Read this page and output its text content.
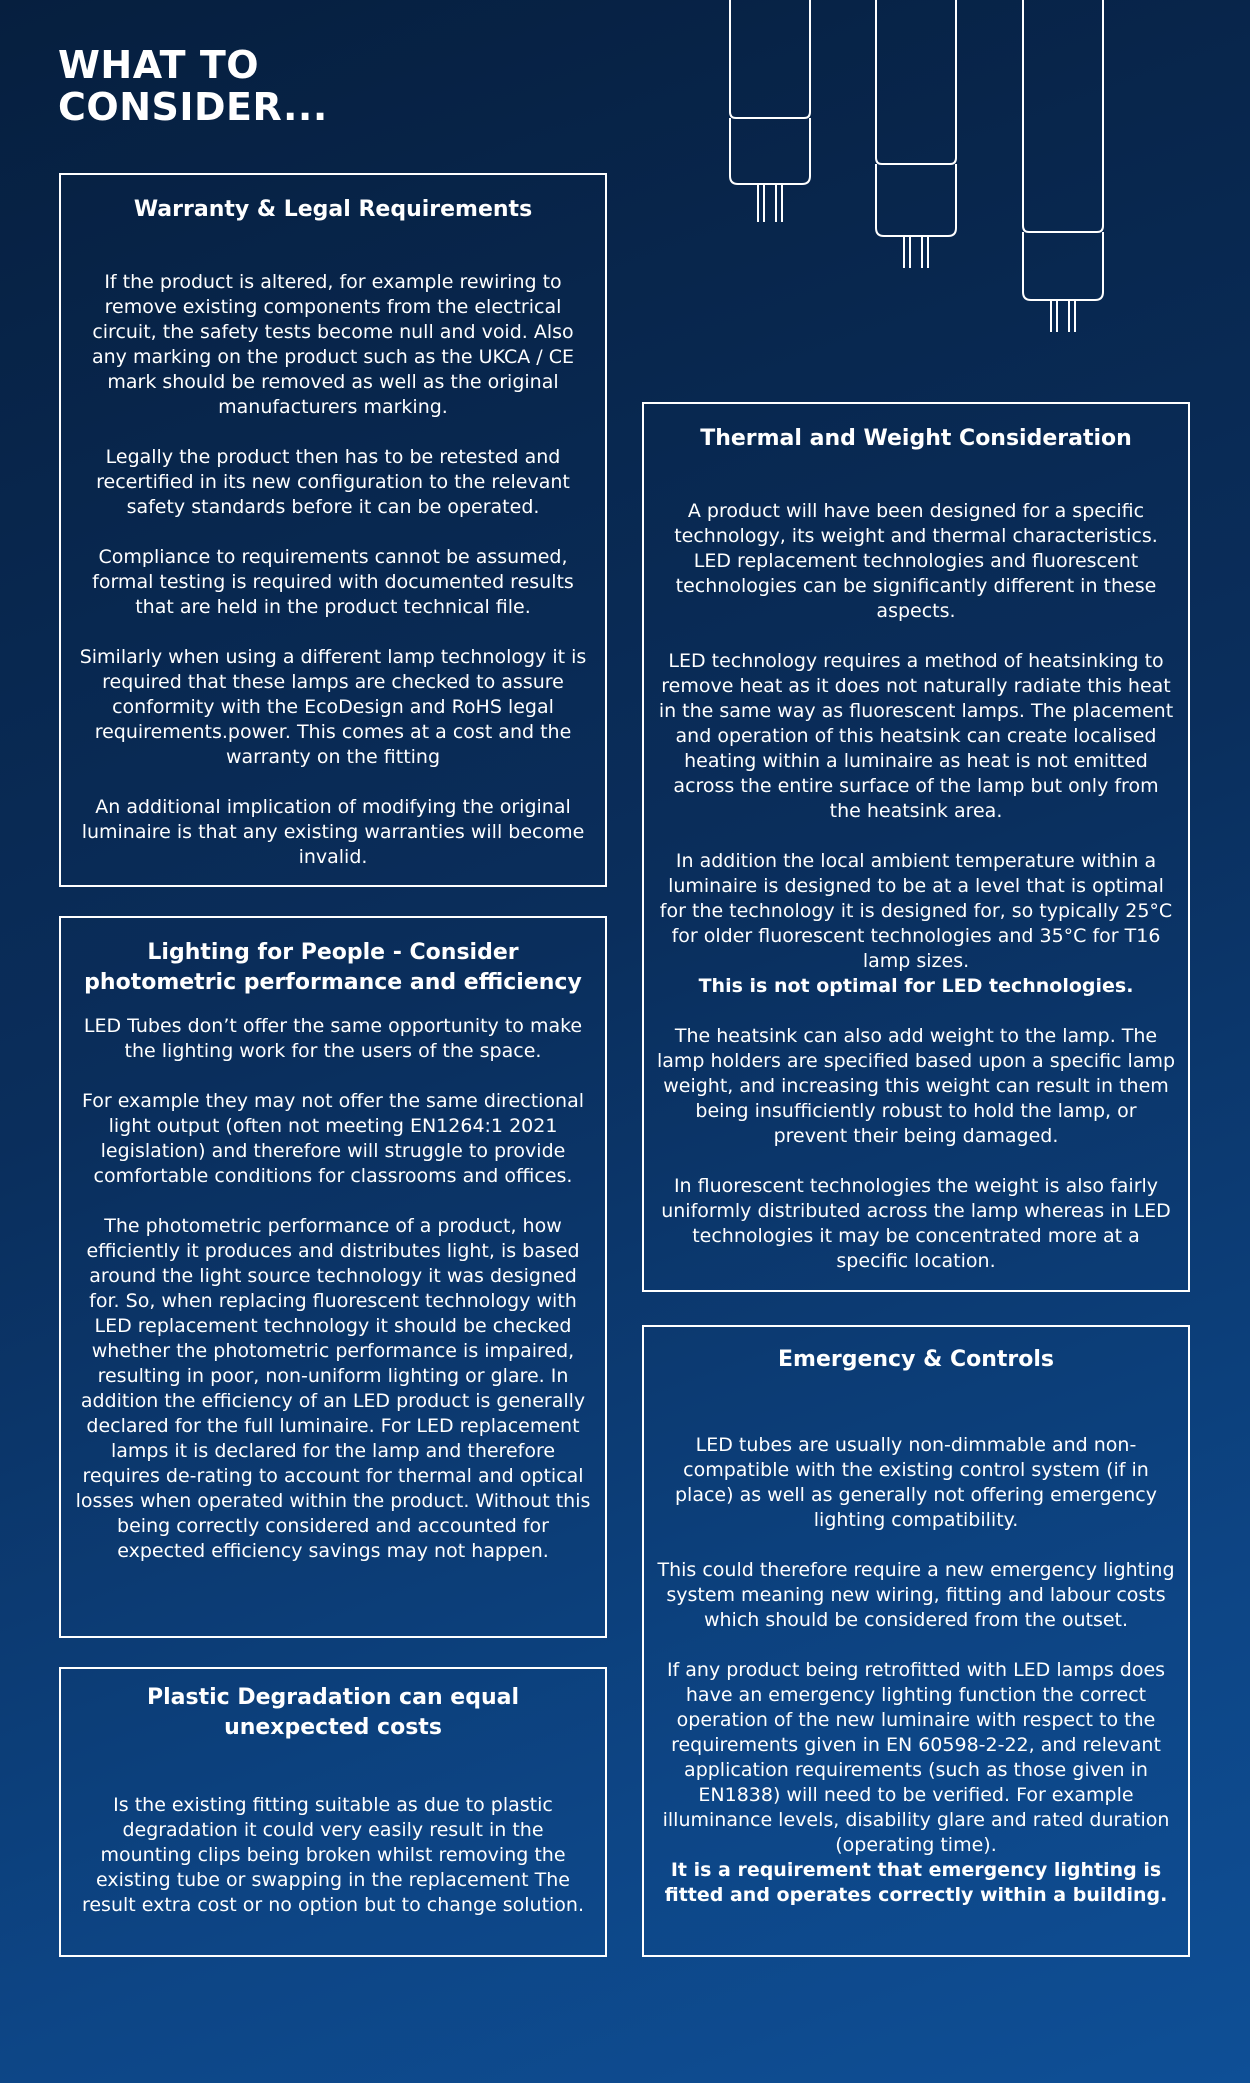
WHAT TO
CONSIDER...
Warranty & Legal Requirements

If the product is altered, for example rewiring to remove existing components from the electrical circuit, the safety tests become null and void. Also any marking on the product such as the UKCA / CE mark should be removed as well as the original manufacturers marking.

Legally the product then has to be retested and recertified in its new configuration to the relevant safety standards before it can be operated.

Compliance to requirements cannot be assumed, formal testing is required with documented results that are held in the product technical file.

Similarly when using a different lamp technology it is required that these lamps are checked to assure conformity with the EcoDesign and RoHS legal requirements.power. This comes at a cost and the warranty on the fitting

An additional implication of modifying the original luminaire is that any existing warranties will become invalid.

Thermal and Weight Consideration

A product will have been designed for a specific technology, its weight and thermal characteristics. LED replacement technologies and fluorescent technologies can be significantly different in these aspects.

LED technology requires a method of heatsinking to remove heat as it does not naturally radiate this heat in the same way as fluorescent lamps. The placement and operation of this heatsink can create localised heating within a luminaire as heat is not emitted across the entire surface of the lamp but only from the heatsink area.

In addition the local ambient temperature within a luminaire is designed to be at a level that is optimal for the technology it is designed for, so typically 25°C for older fluorescent technologies and 35°C for T16 lamp sizes.
This is not optimal for LED technologies.

The heatsink can also add weight to the lamp. The lamp holders are specified based upon a specific lamp weight, and increasing this weight can result in them being insufficiently robust to hold the lamp, or prevent their being damaged.

In fluorescent technologies the weight is also fairly uniformly distributed across the lamp whereas in LED technologies it may be concentrated more at a specific location.

Lighting for People - Consider photometric performance and efficiency

LED Tubes don’t offer the same opportunity to make the lighting work for the users of the space.

For example they may not offer the same directional light output (often not meeting EN1264:1 2021 legislation) and therefore will struggle to provide comfortable conditions for classrooms and offices.

The photometric performance of a product, how efficiently it produces and distributes light, is based around the light source technology it was designed for. So, when replacing fluorescent technology with LED replacement technology it should be checked whether the photometric performance is impaired, resulting in poor, non-uniform lighting or glare. In addition the efficiency of an LED product is generally declared for the full luminaire. For LED replacement lamps it is declared for the lamp and therefore requires de-rating to account for thermal and optical losses when operated within the product. Without this being correctly considered and accounted for expected efficiency savings may not happen.

Emergency & Controls

LED tubes are usually non-dimmable and non-compatible with the existing control system (if in place) as well as generally not offering emergency lighting compatibility.

This could therefore require a new emergency lighting system meaning new wiring, fitting and labour costs which should be considered from the outset.

If any product being retrofitted with LED lamps does have an emergency lighting function the correct operation of the new luminaire with respect to the requirements given in EN 60598-2-22, and relevant application requirements (such as those given in EN1838) will need to be verified. For example illuminance levels, disability glare and rated duration (operating time).
It is a requirement that emergency lighting is fitted and operates correctly within a building.

Plastic Degradation can equal unexpected costs

Is the existing fitting suitable as due to plastic degradation it could very easily result in the mounting clips being broken whilst removing the existing tube or swapping in the replacement The result extra cost or no option but to change solution.
